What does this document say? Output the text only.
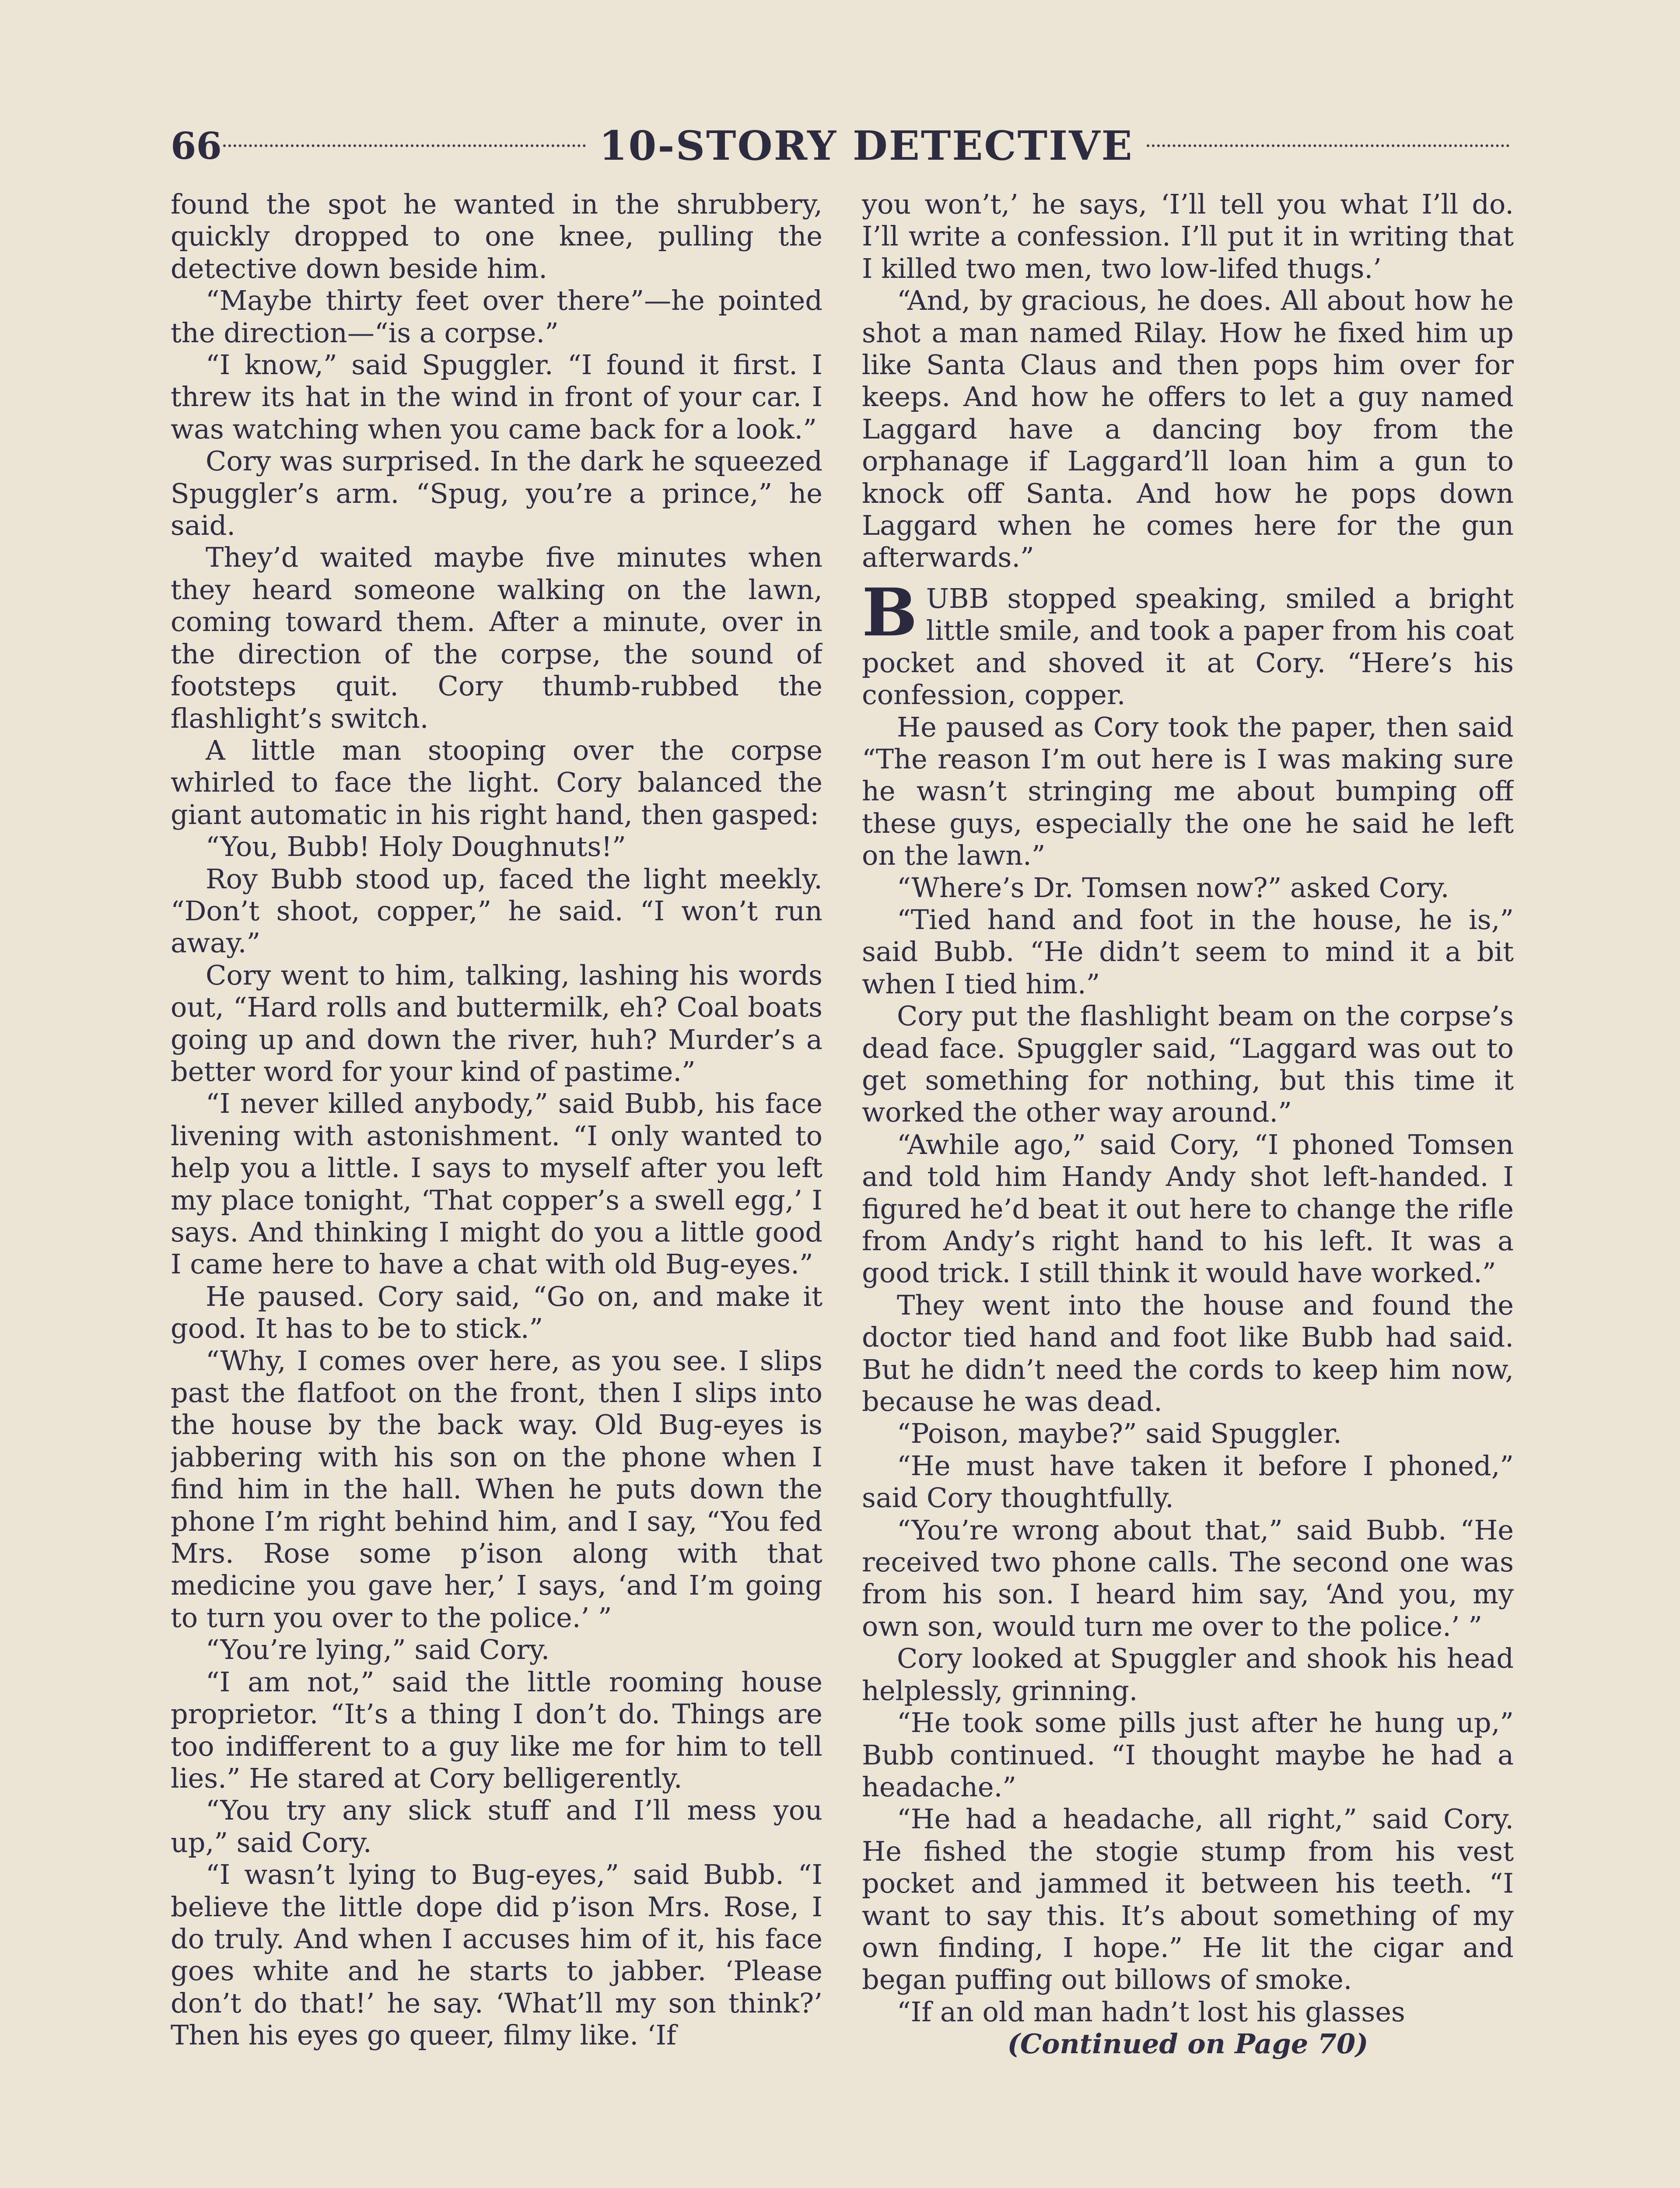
66	10-STORY DETECTIVE

found the spot he wanted in the shrubbery, quickly dropped to one knee, pulling the detective down beside him.

“Maybe thirty feet over there”—he pointed the direction—“is a corpse.”

“I know,” said Spuggler. “I found it first. I threw its hat in the wind in front of your car. I was watching when you came back for a look.”

Cory was surprised. In the dark he squeezed Spuggler’s arm. “Spug, you’re a prince,” he said.

They’d waited maybe five minutes when they heard someone walking on the lawn, coming toward them. After a minute, over in the direction of the corpse, the sound of footsteps quit. Cory thumb-rubbed the flashlight’s switch.

A little man stooping over the corpse whirled to face the light. Cory balanced the giant automatic in his right hand, then gasped:

“You, Bubb! Holy Doughnuts!”

Roy Bubb stood up, faced the light meekly. “Don’t shoot, copper,” he said. “I won’t run away.”

Cory went to him, talking, lashing his words out, “Hard rolls and buttermilk, eh? Coal boats going up and down the river, huh? Murder’s a better word for your kind of pastime.”

“I never killed anybody,” said Bubb, his face livening with astonishment. “I only wanted to help you a little. I says to myself after you left my place tonight, ‘That copper’s a swell egg,’ I says. And thinking I might do you a little good I came here to have a chat with old Bug-eyes.”

He paused. Cory said, “Go on, and make it good. It has to be to stick.”

“Why, I comes over here, as you see. I slips past the flatfoot on the front, then I slips into the house by the back way. Old Bug-eyes is jabbering with his son on the phone when I find him in the hall. When he puts down the phone I’m right behind him, and I say, “You fed Mrs. Rose some p’ison along with that medicine you gave her,’ I says, ‘and I’m going to turn you over to the police.’ ”

“You’re lying,” said Cory.

“I am not,” said the little rooming house proprietor. “It’s a thing I don’t do. Things are too indifferent to a guy like me for him to tell lies.” He stared at Cory belligerently.

“You try any slick stuff and I’ll mess you up,” said Cory.

“I wasn’t lying to Bug-eyes,” said Bubb. “I believe the little dope did p’ison Mrs. Rose, I do truly. And when I accuses him of it, his face goes white and he starts to jabber. ‘Please don’t do that!’ he say. ‘What’ll my son think?’ Then his eyes go queer, filmy like. ‘If

you won’t,’ he says, ‘I’ll tell you what I’ll do. I’ll write a confession. I’ll put it in writing that I killed two men, two low-lifed thugs.’

“And, by gracious, he does. All about how he shot a man named Rilay. How he fixed him up like Santa Claus and then pops him over for keeps. And how he offers to let a guy named Laggard have a dancing boy from the orphanage if Laggard’ll loan him a gun to knock off Santa. And how he pops down Laggard when he comes here for the gun afterwards.”

BUBB stopped speaking, smiled a bright little smile, and took a paper from his coat pocket and shoved it at Cory. “Here’s his confession, copper.

He paused as Cory took the paper, then said “The reason I’m out here is I was making sure he wasn’t stringing me about bumping off these guys, especially the one he said he left on the lawn.”

“Where’s Dr. Tomsen now?” asked Cory.

“Tied hand and foot in the house, he is,” said Bubb. “He didn’t seem to mind it a bit when I tied him.”

Cory put the flashlight beam on the corpse’s dead face. Spuggler said, “Laggard was out to get something for nothing, but this time it worked the other way around.”

“Awhile ago,” said Cory, “I phoned Tomsen and told him Handy Andy shot left-handed. I figured he’d beat it out here to change the rifle from Andy’s right hand to his left. It was a good trick. I still think it would have worked.”

They went into the house and found the doctor tied hand and foot like Bubb had said. But he didn’t need the cords to keep him now, because he was dead.

“Poison, maybe?” said Spuggler.

“He must have taken it before I phoned,” said Cory thoughtfully.

“You’re wrong about that,” said Bubb. “He received two phone calls. The second one was from his son. I heard him say, ‘And you, my own son, would turn me over to the police.’ ”

Cory looked at Spuggler and shook his head helplessly, grinning.

“He took some pills just after he hung up,” Bubb continued. “I thought maybe he had a headache.”

“He had a headache, all right,” said Cory. He fished the stogie stump from his vest pocket and jammed it between his teeth. “I want to say this. It’s about something of my own finding, I hope.” He lit the cigar and began puffing out billows of smoke.

“If an old man hadn’t lost his glasses

(Continued on Page 70)
